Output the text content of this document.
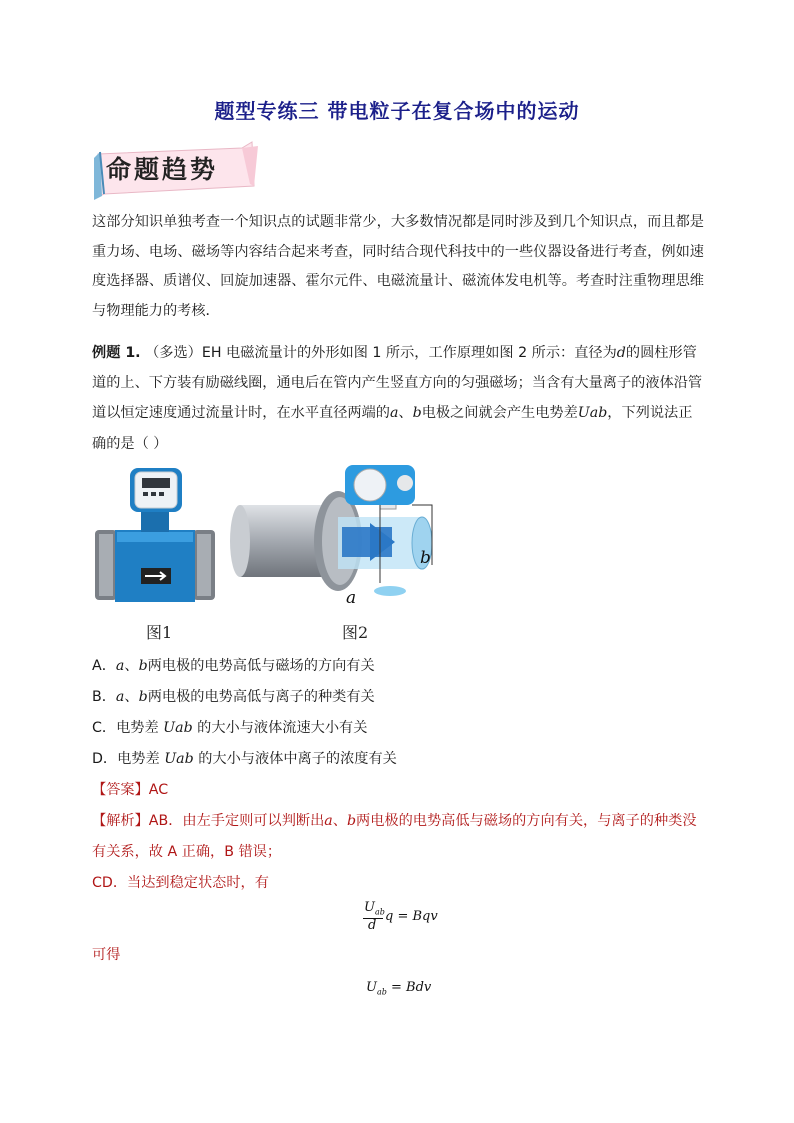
题型专练三 带电粒子在复合场中的运动
命题趋势
这部分知识单独考查一个知识点的试题非常少，大多数情况都是同时涉及到几个知识点，而且都是重力场、电场、磁场等内容结合起来考查，同时结合现代科技中的一些仪器设备进行考查，例如速度选择器、质谱仪、回旋加速器、霍尔元件、电磁流量计、磁流体发电机等。考查时注重物理思维与物理能力的考核．
例题 1. （多选）EH 电磁流量计的外形如图 1 所示，工作原理如图 2 所示：直径为d的圆柱形管
道的上、下方装有励磁线圈，通电后在管内产生竖直方向的匀强磁场；当含有大量离子的液体沿管
道以恒定速度通过流量计时，在水平直径两端的a、b电极之间就会产生电势差Uab，下列说法正
确的是（ ）
图1
b
a
图2
A．a、b两电极的电势高低与磁场的方向有关
B．a、b两电极的电势高低与离子的种类有关
C．电势差 Uab 的大小与液体流速大小有关
D．电势差 Uab 的大小与液体中离子的浓度有关
【答案】AC
【解析】AB．由左手定则可以判断出a、b两电极的电势高低与磁场的方向有关，与离子的种类没
有关系，故 A 正确，B 错误；
CD．当达到稳定状态时，有
$U_{ab}$
d
q = Bqv
可得
$U_{ab}$ = Bdv
